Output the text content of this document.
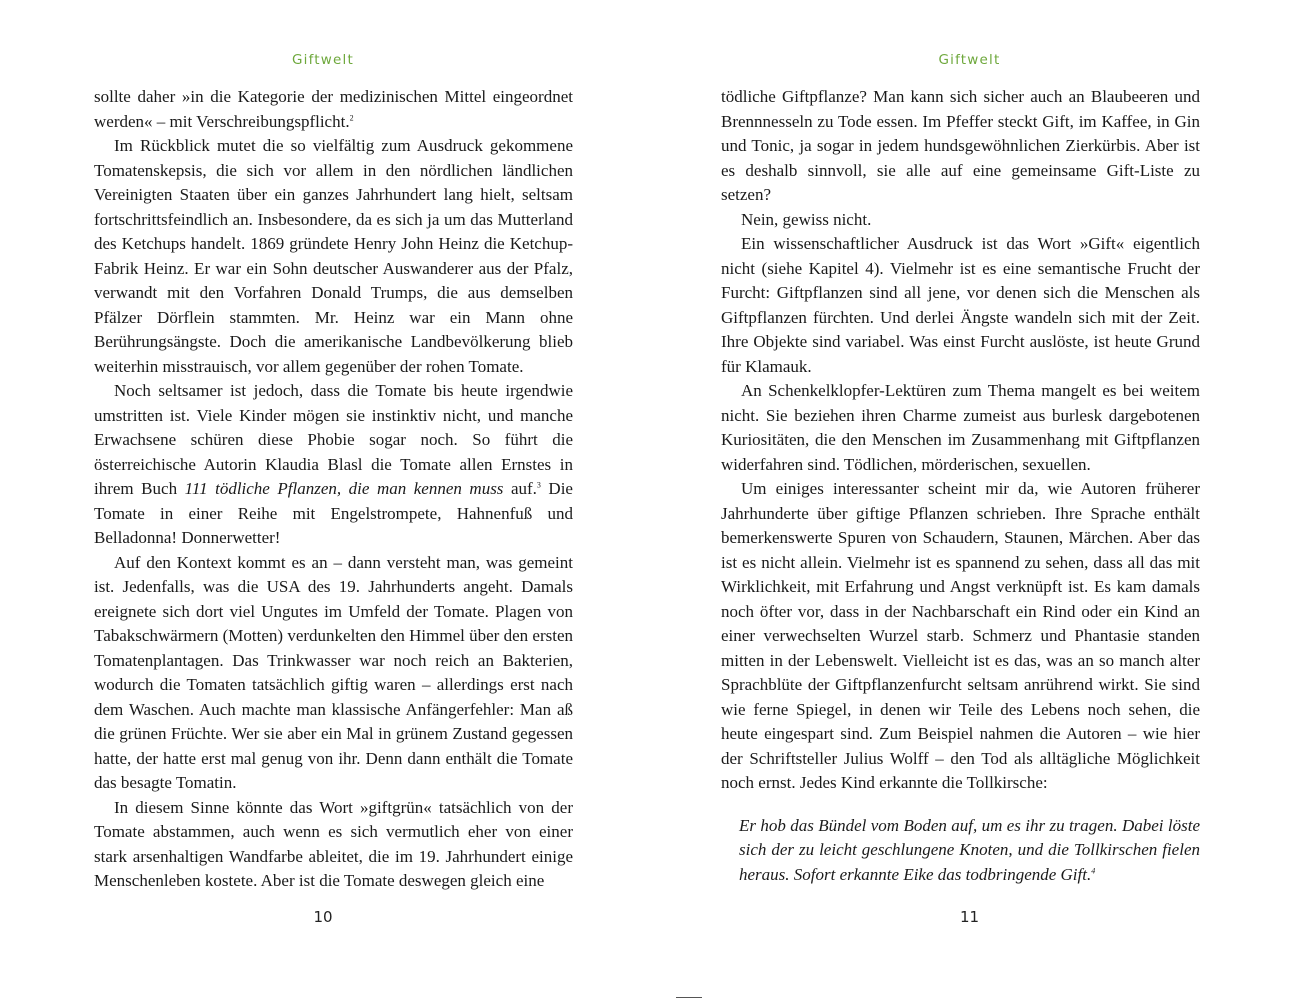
Giftwelt

sollte daher »in die Kategorie der medizinischen Mittel eingeordnet werden« – mit Verschreibungspflicht.$^2$

Im Rückblick mutet die so vielfältig zum Ausdruck gekommene Tomatenskepsis, die sich vor allem in den nördlichen ländlichen Vereinigten Staaten über ein ganzes Jahrhundert lang hielt, seltsam fortschrittsfeindlich an. Insbesondere, da es sich ja um das Mutterland des Ketchups handelt. 1869 gründete Henry John Heinz die Ketchup-Fabrik Heinz. Er war ein Sohn deutscher Auswanderer aus der Pfalz, verwandt mit den Vorfahren Donald Trumps, die aus demselben Pfälzer Dörflein stammten. Mr. Heinz war ein Mann ohne Berührungsängste. Doch die amerikanische Landbevölkerung blieb weiterhin misstrauisch, vor allem gegenüber der rohen Tomate.

Noch seltsamer ist jedoch, dass die Tomate bis heute irgendwie umstritten ist. Viele Kinder mögen sie instinktiv nicht, und manche Erwachsene schüren diese Phobie sogar noch. So führt die österreichische Autorin Klaudia Blasl die Tomate allen Ernstes in ihrem Buch 111 tödliche Pflanzen, die man kennen muss auf.$^3$ Die Tomate in einer Reihe mit Engelstrompete, Hahnenfuß und Belladonna! Donnerwetter!

Auf den Kontext kommt es an – dann versteht man, was gemeint ist. Jedenfalls, was die USA des 19. Jahrhunderts angeht. Damals ereignete sich dort viel Ungutes im Umfeld der Tomate. Plagen von Tabakschwärmern (Motten) verdunkelten den Himmel über den ersten Tomatenplantagen. Das Trinkwasser war noch reich an Bakterien, wodurch die Tomaten tatsächlich giftig waren – allerdings erst nach dem Waschen. Auch machte man klassische Anfängerfehler: Man aß die grünen Früchte. Wer sie aber ein Mal in grünem Zustand gegessen hatte, der hatte erst mal genug von ihr. Denn dann enthält die Tomate das besagte Tomatin.

In diesem Sinne könnte das Wort »giftgrün« tatsächlich von der Tomate abstammen, auch wenn es sich vermutlich eher von einer stark arsenhaltigen Wandfarbe ableitet, die im 19. Jahrhundert einige Menschenleben kostete. Aber ist die Tomate deswegen gleich eine

10
Giftwelt

tödliche Giftpflanze? Man kann sich sicher auch an Blaubeeren und Brennnesseln zu Tode essen. Im Pfeffer steckt Gift, im Kaffee, in Gin und Tonic, ja sogar in jedem hundsgewöhnlichen Zierkürbis. Aber ist es deshalb sinnvoll, sie alle auf eine gemeinsame Gift-Liste zu setzen?

Nein, gewiss nicht.

Ein wissenschaftlicher Ausdruck ist das Wort »Gift« eigentlich nicht (siehe Kapitel 4). Vielmehr ist es eine semantische Frucht der Furcht: Giftpflanzen sind all jene, vor denen sich die Menschen als Giftpflanzen fürchten. Und derlei Ängste wandeln sich mit der Zeit. Ihre Objekte sind variabel. Was einst Furcht auslöste, ist heute Grund für Klamauk.

An Schenkelklopfer-Lektüren zum Thema mangelt es bei weitem nicht. Sie beziehen ihren Charme zumeist aus burlesk dargebotenen Kuriositäten, die den Menschen im Zusammenhang mit Giftpflanzen widerfahren sind. Tödlichen, mörderischen, sexuellen.

Um einiges interessanter scheint mir da, wie Autoren früherer Jahrhunderte über giftige Pflanzen schrieben. Ihre Sprache enthält bemerkenswerte Spuren von Schaudern, Staunen, Märchen. Aber das ist es nicht allein. Vielmehr ist es spannend zu sehen, dass all das mit Wirklichkeit, mit Erfahrung und Angst verknüpft ist. Es kam damals noch öfter vor, dass in der Nachbarschaft ein Rind oder ein Kind an einer verwechselten Wurzel starb. Schmerz und Phantasie standen mitten in der Lebenswelt. Vielleicht ist es das, was an so manch alter Sprachblüte der Giftpflanzenfurcht seltsam anrührend wirkt. Sie sind wie ferne Spiegel, in denen wir Teile des Lebens noch sehen, die heute eingespart sind. Zum Beispiel nahmen die Autoren – wie hier der Schriftsteller Julius Wolff – den Tod als alltägliche Möglichkeit noch ernst. Jedes Kind erkannte die Tollkirsche:

Er hob das Bündel vom Boden auf, um es ihr zu tragen. Dabei löste sich der zu leicht geschlungene Knoten, und die Tollkirschen fielen heraus. Sofort erkannte Eike das todbringende Gift.$^4$

11
